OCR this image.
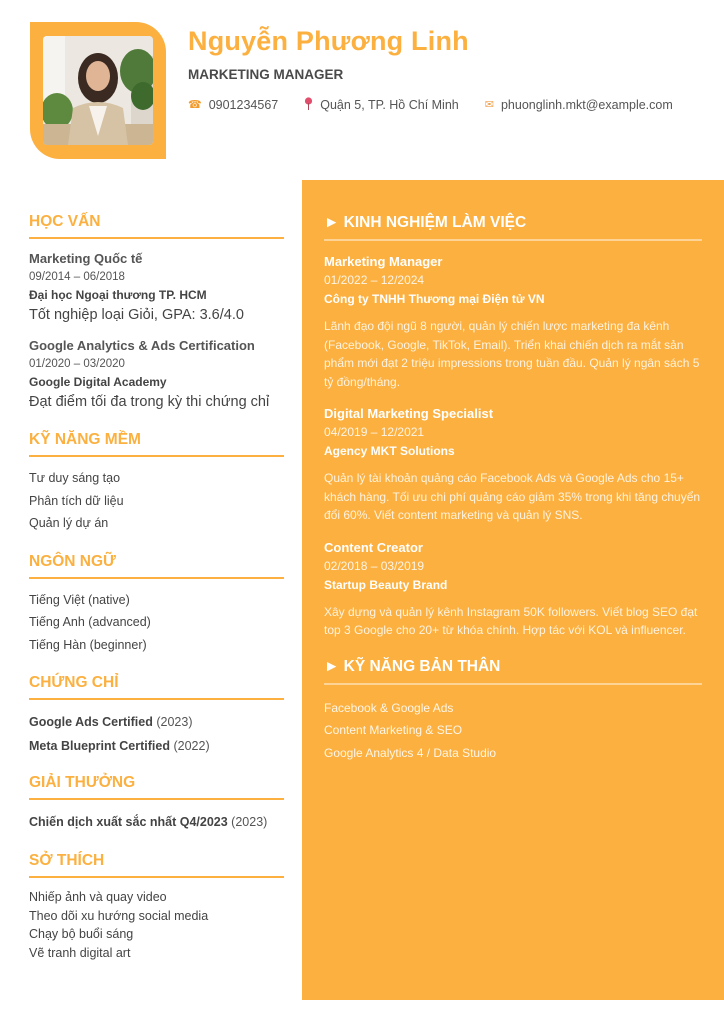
Nguyễn Phương Linh
MARKETING MANAGER
☎ 0901234567	Quận 5, TP. Hồ Chí Minh ✉ phuonglinh.mkt@example.com
HỌC VẤN
Marketing Quốc tế
09/2014 – 06/2018
Đại học Ngoại thương TP. HCM
Tốt nghiệp loại Giỏi, GPA: 3.6/4.0
Google Analytics & Ads Certification
01/2020 – 03/2020
Google Digital Academy
Đạt điểm tối đa trong kỳ thi chứng chỉ
KỸ NĂNG MỀM
Tư duy sáng tạo
Phân tích dữ liệu
Quản lý dự án
NGÔN NGỮ
Tiếng Việt (native)
Tiếng Anh (advanced)
Tiếng Hàn (beginner)
CHỨNG CHỈ
Google Ads Certified (2023)
Meta Blueprint Certified (2022)
GIẢI THƯỞNG
Chiến dịch xuất sắc nhất Q4/2023 (2023)
SỞ THÍCH
Nhiếp ảnh và quay video
Theo dõi xu hướng social media
Chạy bộ buổi sáng
Vẽ tranh digital art
► KINH NGHIỆM LÀM VIỆC
Marketing Manager
01/2022 – 12/2024
Công ty TNHH Thương mại Điện tử VN
Lãnh đạo đội ngũ 8 người, quản lý chiến lược marketing đa kênh (Facebook, Google, TikTok, Email). Triển khai chiến dịch ra mắt sản phẩm mới đạt 2 triệu impressions trong tuần đầu. Quản lý ngân sách 5 tỷ đồng/tháng.
Digital Marketing Specialist
04/2019 – 12/2021
Agency MKT Solutions
Quản lý tài khoản quảng cáo Facebook Ads và Google Ads cho 15+ khách hàng. Tối ưu chi phí quảng cáo giảm 35% trong khi tăng chuyển đổi 60%. Viết content marketing và quản lý SNS.
Content Creator
02/2018 – 03/2019
Startup Beauty Brand
Xây dựng và quản lý kênh Instagram 50K followers. Viết blog SEO đạt top 3 Google cho 20+ từ khóa chính. Hợp tác với KOL và influencer.
► KỸ NĂNG BẢN THÂN
Facebook & Google Ads
Content Marketing & SEO
Google Analytics 4 / Data Studio
